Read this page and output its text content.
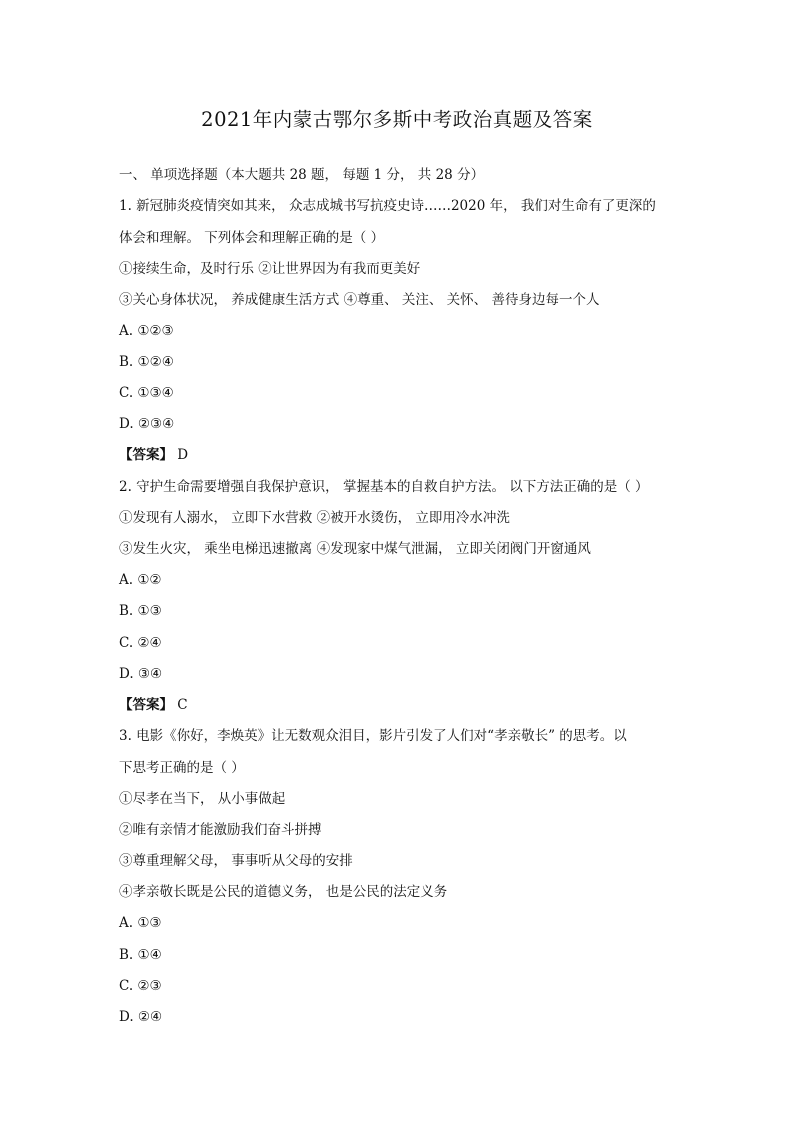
2021年内蒙古鄂尔多斯中考政治真题及答案
一、 单项选择题（本大题共 28 题， 每题 1 分， 共 28 分）
1. 新冠肺炎疫情突如其来， 众志成城书写抗疫史诗……2020 年， 我们对生命有了更深的
体会和理解。 下列体会和理解正确的是（ ）
①接续生命，及时行乐 ②让世界因为有我而更美好
③关心身体状况， 养成健康生活方式 ④尊重、 关注、 关怀、 善待身边每一个人
A. ①②③
B. ①②④
C. ①③④
D. ②③④
【答案】 D
2. 守护生命需要增强自我保护意识， 掌握基本的自救自护方法。 以下方法正确的是（ ）
①发现有人溺水， 立即下水营救 ②被开水烫伤， 立即用冷水冲洗
③发生火灾， 乘坐电梯迅速撤离 ④发现家中煤气泄漏， 立即关闭阀门开窗通风
A. ①②
B. ①③
C. ②④
D. ③④
【答案】 C
3. 电影《你好，李焕英》让无数观众泪目，影片引发了人们对“孝亲敬长” 的思考。以
下思考正确的是（ ）
①尽孝在当下， 从小事做起
②唯有亲情才能激励我们奋斗拼搏
③尊重理解父母， 事事听从父母的安排
④孝亲敬长既是公民的道德义务， 也是公民的法定义务
A. ①③
B. ①④
C. ②③
D. ②④
